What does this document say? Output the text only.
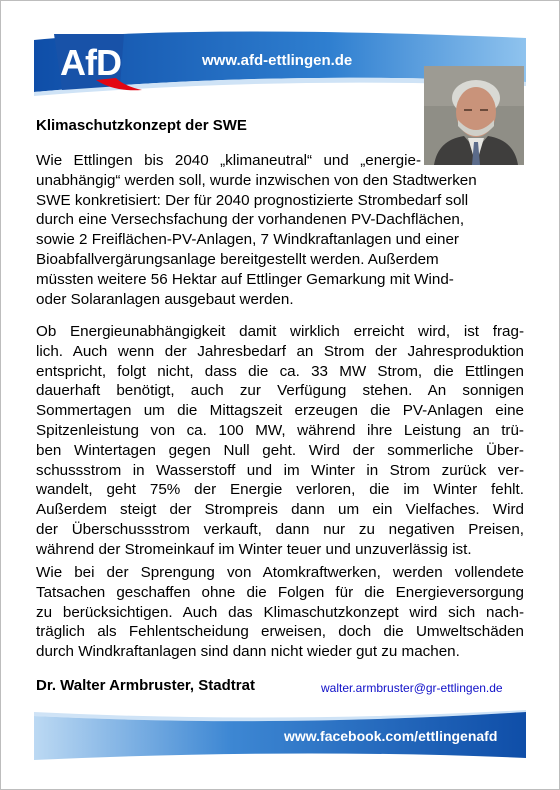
AfD	www.afd-ettlingen.de
Klimaschutzkonzept der SWE
Wie Ettlingen bis 2040 „klimaneutral“ und „energie-
unabhängig“ werden soll, wurde inzwischen von den Stadtwerken
SWE konkretisiert: Der für 2040 prognostizierte Strombedarf soll
durch eine Versechsfachung der vorhandenen PV-Dachflächen,
sowie 2 Freiflächen-PV-Anlagen, 7 Windkraftanlagen und einer
Bioabfallvergärungsanlage bereitgestellt werden. Außerdem
müssten weitere 56 Hektar auf Ettlinger Gemarkung mit Wind-
oder Solaranlagen ausgebaut werden.
Ob Energieunabhängigkeit damit wirklich erreicht wird, ist frag-
lich. Auch wenn der Jahresbedarf an Strom der Jahresproduktion
entspricht, folgt nicht, dass die ca. 33 MW Strom, die Ettlingen
dauerhaft benötigt, auch zur Verfügung stehen. An sonnigen
Sommertagen um die Mittagszeit erzeugen die PV-Anlagen eine
Spitzenleistung von ca. 100 MW, während ihre Leistung an trü-
ben Wintertagen gegen Null geht. Wird der sommerliche Über-
schussstrom in Wasserstoff und im Winter in Strom zurück ver-
wandelt, geht 75% der Energie verloren, die im Winter fehlt.
Außerdem steigt der Strompreis dann um ein Vielfaches. Wird
der Überschussstrom verkauft, dann nur zu negativen Preisen,
während der Stromeinkauf im Winter teuer und unzuverlässig ist.
Wie bei der Sprengung von Atomkraftwerken, werden vollendete
Tatsachen geschaffen ohne die Folgen für die Energieversorgung
zu berücksichtigen. Auch das Klimaschutzkonzept wird sich nach-
träglich als Fehlentscheidung erweisen, doch die Umweltschäden
durch Windkraftanlagen sind dann nicht wieder gut zu machen.
Dr. Walter Armbruster, Stadtrat	walter.armbruster@gr-ettlingen.de
www.facebook.com/ettlingenafd
